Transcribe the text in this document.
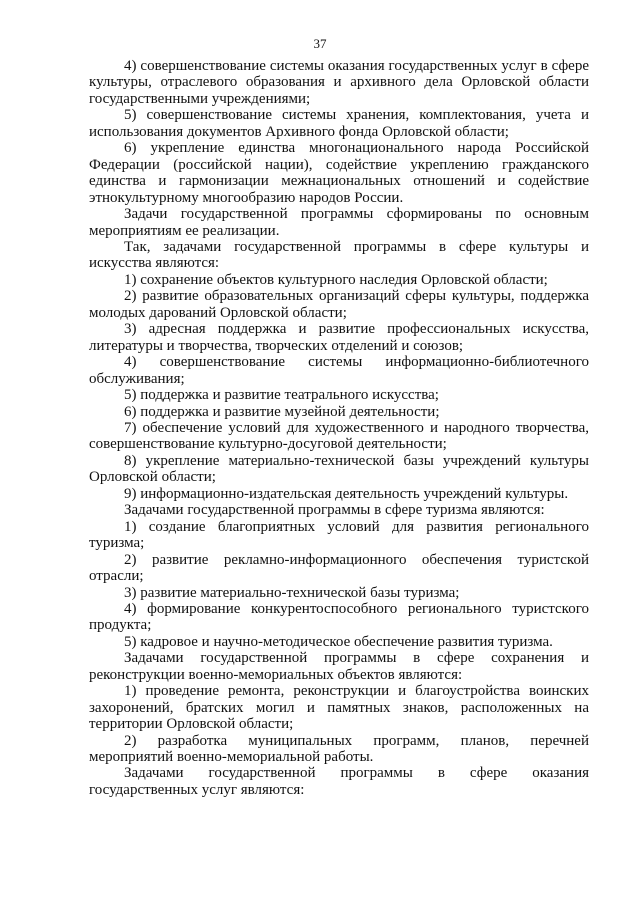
37

4) совершенствование системы оказания государственных услуг в сфере культуры, отраслевого образования и архивного дела Орловской области государственными учреждениями;

5) совершенствование системы хранения, комплектования, учета и использования документов Архивного фонда Орловской области;

6) укрепление единства многонационального народа Российской Федерации (российской нации), содействие укреплению гражданского единства и гармонизации межнациональных отношений и содействие этнокультурному многообразию народов России.

Задачи государственной программы сформированы по основным мероприятиям ее реализации.

Так, задачами государственной программы в сфере культуры и искусства являются:

1) сохранение объектов культурного наследия Орловской области;

2) развитие образовательных организаций сферы культуры, поддержка молодых дарований Орловской области;

3) адресная поддержка и развитие профессиональных искусства, литературы и творчества, творческих отделений и союзов;

4) совершенствование системы информационно-библиотечного обслуживания;

5) поддержка и развитие театрального искусства;

6) поддержка и развитие музейной деятельности;

7) обеспечение условий для художественного и народного творчества, совершенствование культурно-досуговой деятельности;

8) укрепление материально-технической базы учреждений культуры Орловской области;

9) информационно-издательская деятельность учреждений культуры.

Задачами государственной программы в сфере туризма являются:

1) создание благоприятных условий для развития регионального туризма;

2) развитие рекламно-информационного обеспечения туристской отрасли;

3) развитие материально-технической базы туризма;

4) формирование конкурентоспособного регионального туристского продукта;

5) кадровое и научно-методическое обеспечение развития туризма.

Задачами государственной программы в сфере сохранения и реконструкции военно-мемориальных объектов являются:

1) проведение ремонта, реконструкции и благоустройства воинских захоронений, братских могил и памятных знаков, расположенных на территории Орловской области;

2) разработка муниципальных программ, планов, перечней мероприятий военно-мемориальной работы.

Задачами государственной программы в сфере оказания государственных услуг являются:
